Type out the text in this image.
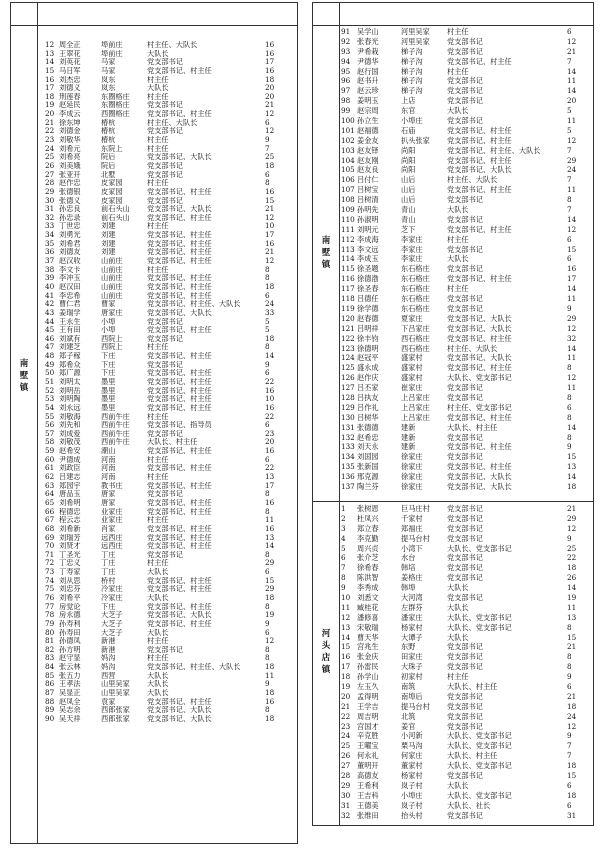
南
墅
镇
12 周全正	埠前庄	村主任、大队长	16
13 王翠花	埠前庄	大队长	16
14 刘英花	马家	党支部书记	17
15 马日军	马家	党支部书记、村主任	16
16 刘杰忠	岚东	村主任	18
17 刘德义	岚东	大队长	20
18 刑莲春	东圈格庄 村主任	20
19 赵延民	东圈格庄 党支部书记	21
20 李成云	西圈格庄 党支部书记、村主任	12
21 徐东坤	椿杭	村主任、大队长	6
22 刘德金	椿杭	党支部书记	12
23 刘敬华	椿杭	村主任	9
24 刘希元	东院上	村主任	7
25 刘希亮	院后	党支部书记、大队长	25
26 刘美娥	院后	党支部书记	18
27 张亚开	北墅	党支部书记	6
28 赵作忠	皮家园	村主任	8
29 张德银	皮家园	党支部书记、村主任	16
30 张德义	皮家园	党支部书记	15
31 孙忠良	前石头山 党支部书记、大队长	21
32 孙忠录	前石头山 党支部书记、村主任	12
33 丁世忠	刘建	村主任	10
34 刘勇光	刘建	党支部书记、村主任	17
35 刘希君	刘建	党支部书记、村主任	16
36 刘德友	刘建	党支部书记、村主任	21
37 赵汉收	山前庄	党支部书记、村主任	12
38 李文卡	山前庄	村主任	8
39 李冲玉	山前庄	党支部书记、村主任	8
40 赵汉田	山前庄	党支部书记、村主任	18
41 李忠希	山前庄	党支部书记、村主任	6
42 曹仁君	曹家	党支部书记、村主任、大队长	24
43 姜瑞学	唐家庄	党支部书记、大队长	33
44 王永生	小埠	党支部书记	5
45 王有田	小埠	党支部书记、村主任	5
46 刘斌有	西院上	党支部书记	18
47 刘建芝	西院上	村主任	8
48 郑子稼	下庄	党支部书记、村主任	14
49 郑希众	下庄	党支部书记	9
50 郑广源	下庄	党支部书记、村主任	6
51 刘明太	墨里	党支部书记、村主任	22
52 刘明岳	墨里	党支部书记、村主任	16
53 刘明陶	墨里	党支部书记、村主任	10
54 刘永远	墨里	党支部书记、村主任	16
55 刘敬海	西前牛庄 村主任	22
56 刘先和	西前牛庄 党支部书记、指导员	6
57 刘成爱	西前牛庄 党支部书记	23
58 刘敬茂	西前牛庄 大队长、村主任	20
59 赵希安	潮山	党支部书记、村主任	16
60 尹德成	河南	村主任	6
61 刘政臣	河南	党支部书记、村主任	22
62 吕建志	河南	村主任	13
63 郑园宇	教书庄	党支部书记、村主任	17
64 唐品玉	唐家	党支部书记	8
65 刘希明	唐家	党支部书记、村主任	16
66 程德忠	业家庄	党支部书记、村主任	8
67 程云志	业家庄	村主任	11
68 刘希新	肖家	党支部书记、村主任	16
69 刘瑞芳	远西庄	党支部书记、村主任	13
70 刘贤才	远西庄	党支部书记、村主任	14
71 丁圣光	丁庄	党支部书记	8
72 丁忠义	丁庄	村主任	29
73 丁寿家	丁庄	大队长	6
74 刘从思	桥村	党支部书记、村主任	15
75 刘忠芬	冷家庄	党支部书记、村主任	29
76 刘希平	冷家庄	大队长	18
77 房觉论	下庄	党支部书记、村主任	8
78 房永德	大芝子	党支部书记、大队长	19
79 孙寿利	大芝子	党支部书记、村主任	9
80 孙寿田	大芝子	大队长	6
81 孙德凤	新港	村主任	12
82 孙方明	新港	党支部书记	8
83 赵守显	妈沟	村主任	8
84 张云林	妈沟	党支部书记、村主任、大队长	18
85 张五力	西营	大队长	11
86 王孝法	山里吴家 大队长	9
87 吴显正	山里吴家 大队长	18
88 赵凤全	袁家	党支部书记、村主任	16
89 吴志余	西郎张家 党支部书记、大队长	8
90 吴天祥	西郎张家 党支部书记、大队长	18
南
墅
镇
河
头
店
镇
91 吴学山	河里吴家 村主任	6
92 张春光	河里吴家 党支部书记	12
93 尹希栽	梯子沟	党支部书记	21
94 尹德华	梯子沟	党支部书记、村主任	7
95 赵行国	梯子沟	村主任	14
96 赵书升	梯子沟	党支部书记	11
97 赵云珍	梯子沟	党支部书记	14
98 姜明玉	上店	党支部书记	20
99 赵宗周	东官	大队长	5
100 孙立生	小埠庄	党支部书记	11
101 赵福德	石庙	党支部书记、村主任	5
102 姜金友	扒头张家 党支部书记、村主任	12
103 赵友铎	尚阳	党支部书记、村主任、大队长	7
104 赵友刚	尚阳	党支部书记、村主任	29
105 赵友良	尚阳	党支部书记、大队长	24
106 吕付仁	山后	村主任、大队长	7
107 吕树宝	山后	党支部书记、村主任	11
108 吕树清	山后	党支部书记	8
109 孙明先	青山	大队长	7
110 孙淑明	青山	党支部书记	14
111 刘明元	芝下	党支部书记、村主任	12
112 李成海	李家庄	村主任	6
113 李文远	李家庄	党支部书记	15
114 李成玉	李家庄	大队长	6
115 徐圣题	东石格庄 党支部书记	16
116 徐德渤	东石格庄 党支部书记、村主任	17
117 徐圣春	东石格庄 村主任	14
118 吕德任	东石格庄 党支部书记	11
119 徐学德	东石格庄 党支部书记	9
120 赵春德	夏家庄	党支部书记、大队长	29
121 吕明祥	下吕家庄 党支部书记、大队长	12
122 徐丰钧	西石格庄 党支部书记、村主任	32
123 徐德明	西石格庄 村主任、大队长	14
124 赵冠平	盛家村	党支部书记、大队长	11
125 盛永成	盛家村	党支部书记、村主任	8
126 赵作庆	盛家村	大队长、党支部书记	12
127 吕丕家	崔家庄	党支部书记	11
128 吕执友	上吕家庄 党支部书记	8
129 吕作礼	上吕家庄 村主任、党支部书记	6
130 吕树华	上吕家庄 党支部书记、村主任	8
131 张德德	建新	大队长、村主任	14
132 赵希忠	建新	党支部书记	8
133 刘天永	建新	党支部书记、村主任	9
134 刘国园	徐家庄	党支部书记	15
135 张新国	徐家庄	党支部书记、村主任	13
136 邢克源	徐家庄	党支部书记、大队长	14
137 陶兰芬	徐家庄	党支部书记、大队长	18
1 张树恩	巨马庄村 党支部书记	21
2 杜凤兴	千家村	党支部书记	29
3 郑立春	郑福庄	党支部书记	12
4 李克勤	提马台村 党支部书记	9
5 周兴贞	小湾下	大队长、党支部书记	25
6 张介芝	水台	党支部书记	22
7 徐希春	韩培	党支部书记	18
8 陈洪智	姜格庄	党支部书记	26
9 李秀成	韩埠	大队长	14
10 刘悉文	大河湾	党支部书记	19
11 臧桂花	左群芬	大队长	11
12 潘修喜	潘家庄	大队长、党支部书记	13
13 宋敬瑞	杨家村	大队长、党支部书记	8
14 曹天华	大谭子	大队长	15
15 宫兆生	东野	党支部书记	21
16 张金庆	田家庄	党支部书记	8
17 孙雷民	大珠子	党支部书记	8
18 孙学山	初家村	村主任	9
19 左玉久	南筑	大队长、村主任	6
20 孟得明	南埠后	党支部书记	21
21 王学吉	提马台村 党支部书记	18
22 周吉明	北筑	党支部书记	24
23 宫国才	姜官	党支部书记	12
24 辛克胜	小河新	大队长、党支部书记	9
25 王曜宝	栗马沟	大队长、党支部书记	7
26 何永礼	何家庄	大队长、村主任	7
27 董明开	董家村	大队长、党支部书记	18
28 高德友	杨家村	党支部书记	15
29 王希利	岚子村	大队长	6
30 王吉科	小埠庄	大队长、党支部书记	18
31 王德美	岚子村	大队长、社长	6
32 张维田	抬头村	党支部书记	31
